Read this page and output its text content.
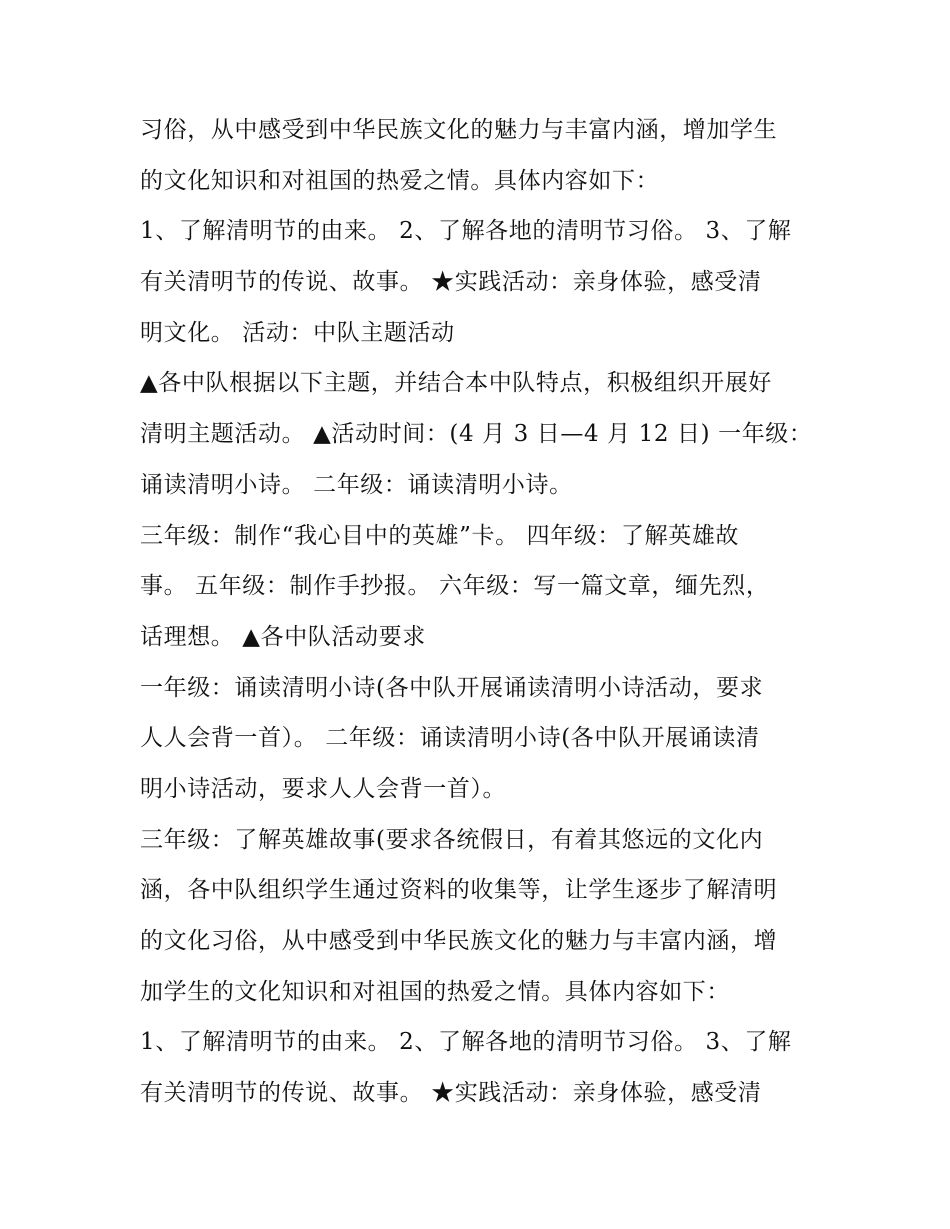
习俗，从中感受到中华民族文化的魅力与丰富内涵，增加学生
的文化知识和对祖国的热爱之情。具体内容如下：
1、了解清明节的由来。 2、了解各地的清明节习俗。 3、了解
有关清明节的传说、故事。 ★实践活动：亲身体验，感受清
明文化。 活动：中队主题活动
▲各中队根据以下主题，并结合本中队特点，积极组织开展好
清明主题活动。 ▲活动时间：(4 月 3 日—4 月 12 日) 一年级：
诵读清明小诗。 二年级：诵读清明小诗。
三年级：制作“我心目中的英雄”卡。 四年级：了解英雄故
事。 五年级：制作手抄报。 六年级：写一篇文章，缅先烈，
话理想。 ▲各中队活动要求
一年级：诵读清明小诗(各中队开展诵读清明小诗活动，要求
人人会背一首）。 二年级：诵读清明小诗(各中队开展诵读清
明小诗活动，要求人人会背一首）。
三年级：了解英雄故事(要求各统假日，有着其悠远的文化内
涵，各中队组织学生通过资料的收集等，让学生逐步了解清明
的文化习俗，从中感受到中华民族文化的魅力与丰富内涵，增
加学生的文化知识和对祖国的热爱之情。具体内容如下：
1、了解清明节的由来。 2、了解各地的清明节习俗。 3、了解
有关清明节的传说、故事。 ★实践活动：亲身体验，感受清
